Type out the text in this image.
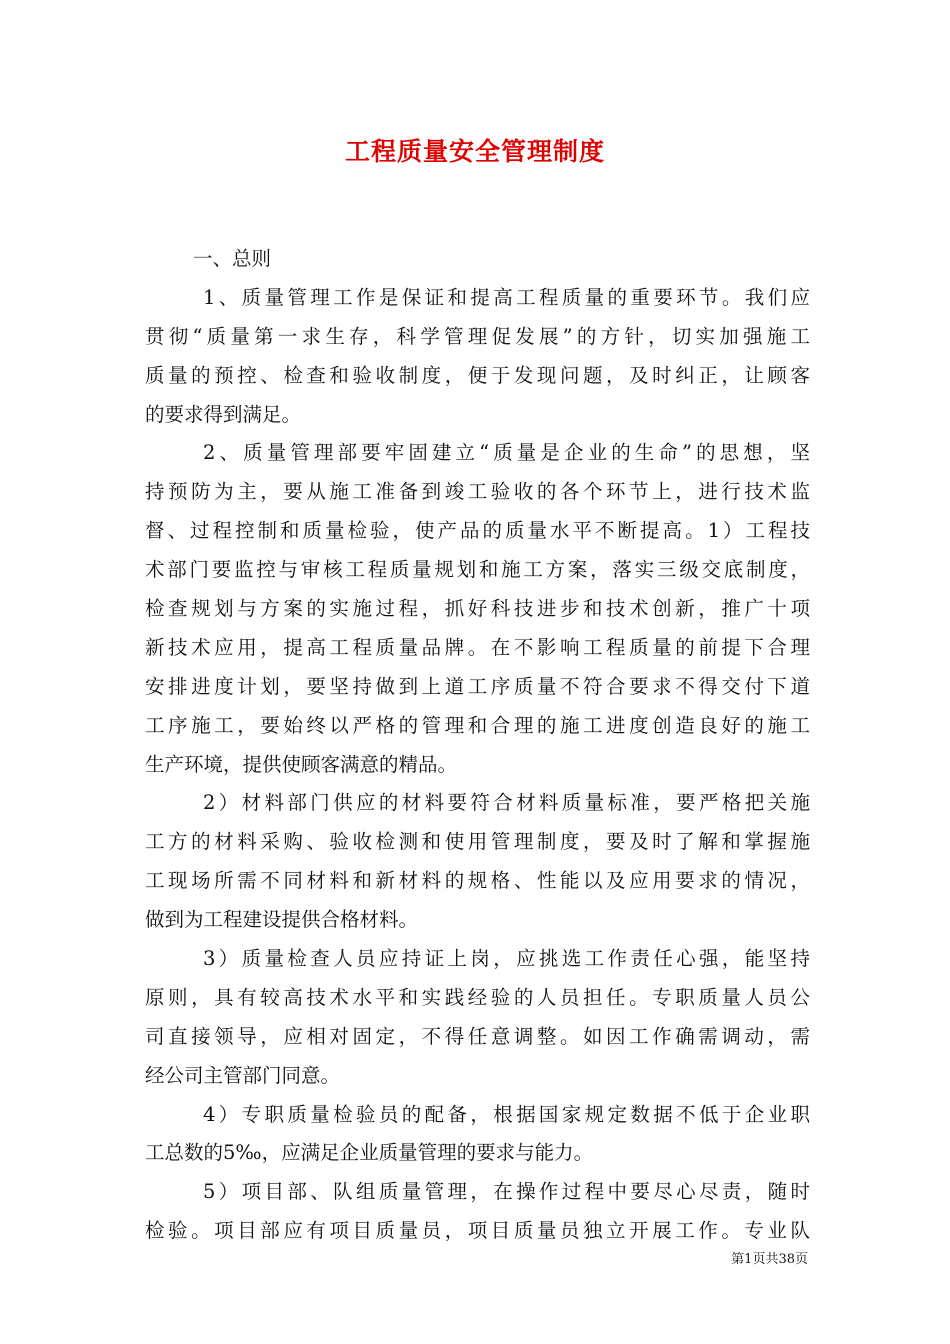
工程质量安全管理制度
一、总则
1、质量管理工作是保证和提高工程质量的重要环节。我们应
贯彻“质量第一求生存，科学管理促发展”的方针，切实加强施工
质量的预控、检查和验收制度，便于发现问题，及时纠正，让顾客
的要求得到满足。
2、质量管理部要牢固建立“质量是企业的生命”的思想，坚
持预防为主，要从施工准备到竣工验收的各个环节上，进行技术监
督、过程控制和质量检验，使产品的质量水平不断提高。1）工程技
术部门要监控与审核工程质量规划和施工方案，落实三级交底制度，
检查规划与方案的实施过程，抓好科技进步和技术创新，推广十项
新技术应用，提高工程质量品牌。在不影响工程质量的前提下合理
安排进度计划，要坚持做到上道工序质量不符合要求不得交付下道
工序施工，要始终以严格的管理和合理的施工进度创造良好的施工
生产环境，提供使顾客满意的精品。
2）材料部门供应的材料要符合材料质量标准，要严格把关施
工方的材料采购、验收检测和使用管理制度，要及时了解和掌握施
工现场所需不同材料和新材料的规格、性能以及应用要求的情况，
做到为工程建设提供合格材料。
3）质量检查人员应持证上岗，应挑选工作责任心强，能坚持
原则，具有较高技术水平和实践经验的人员担任。专职质量人员公
司直接领导，应相对固定，不得任意调整。如因工作确需调动，需
经公司主管部门同意。
4）专职质量检验员的配备，根据国家规定数据不低于企业职
工总数的5‰，应满足企业质量管理的要求与能力。
5）项目部、队组质量管理，在操作过程中要尽心尽责，随时
检验。项目部应有项目质量员，项目质量员独立开展工作。专业队
第1页共38页
